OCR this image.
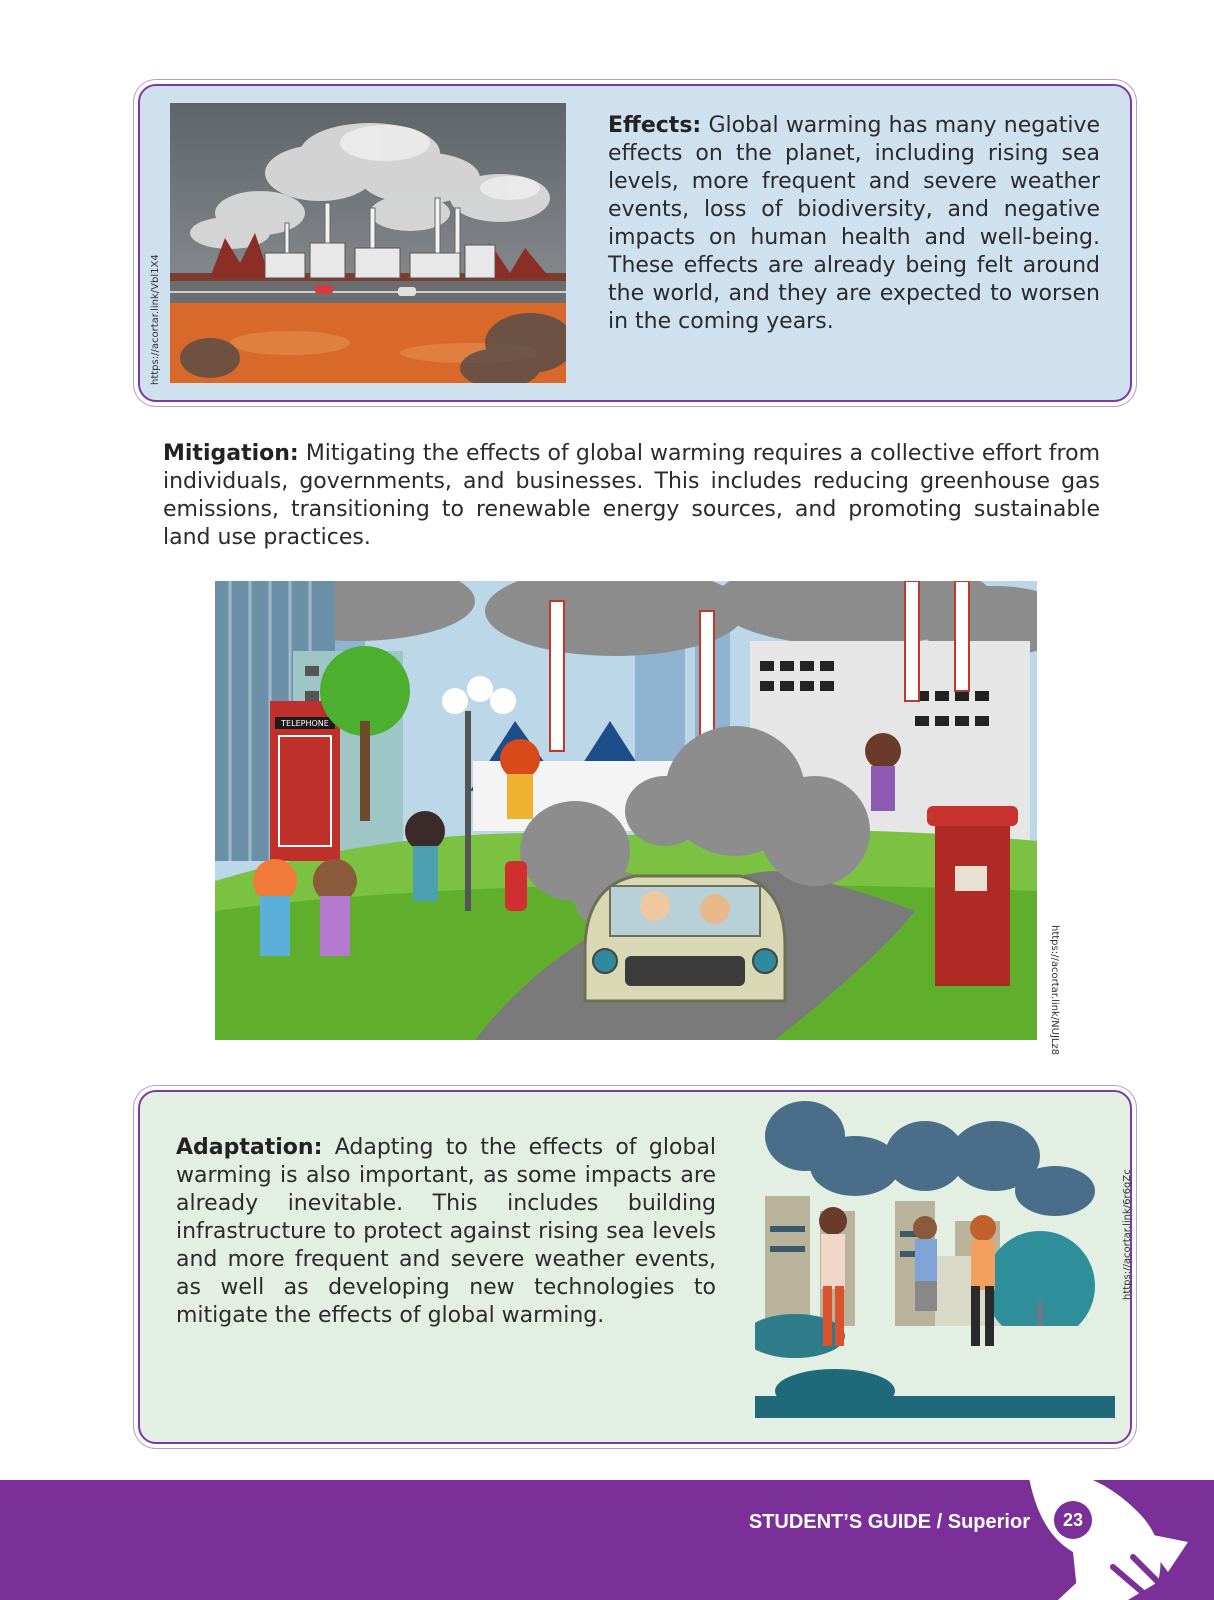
https://acortar.link/Vbl1X4

Effects: Global warming has many negative effects on the planet, including rising sea levels, more frequent and severe weather events, loss of biodiversity, and negative impacts on human health and well-being. These effects are already being felt around the world, and they are expected to worsen in the coming years.

Mitigation: Mitigating the effects of global warming requires a collective effort from individuals, governments, and businesses. This includes reducing greenhouse gas emissions, transitioning to renewable energy sources, and promoting sustainable land use practices.

TELEPHONE
https://acortar.link/NUJLz8

Adaptation: Adapting to the effects of global warming is also important, as some impacts are already inevitable. This includes building infrastructure to protect against rising sea levels and more frequent and severe weather events, as well as developing new technologies to mitigate the effects of global warming.

https://acortar.link/6r6qZc
STUDENT’S GUIDE / Superior	23
